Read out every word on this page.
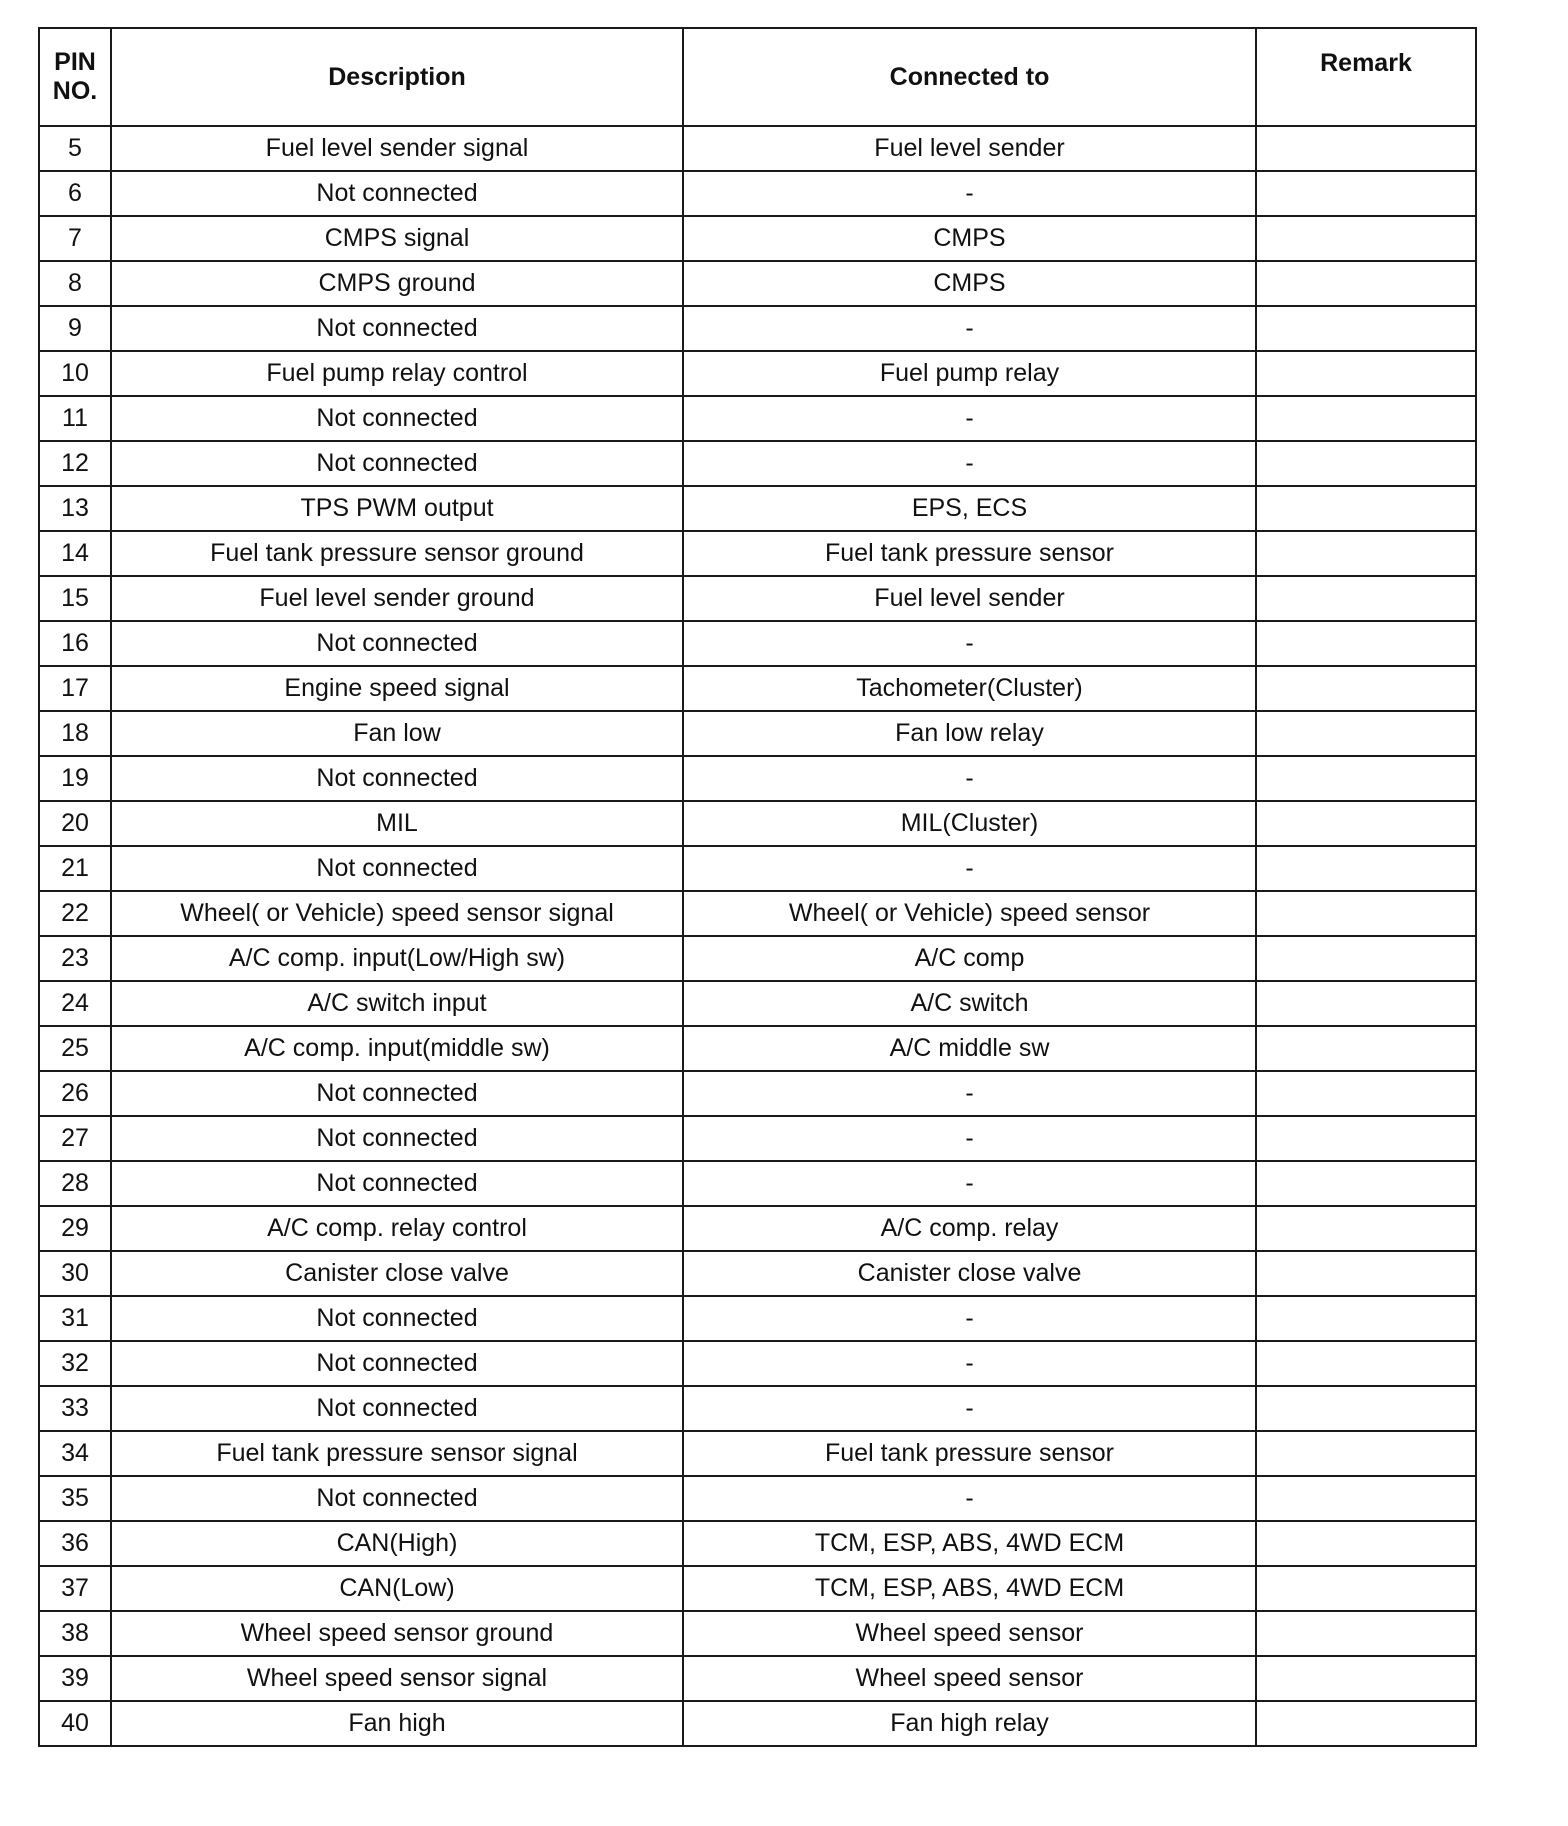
PIN
NO.	Description	Connected to	Remark
5	Fuel level sender signal	Fuel level sender	
6	Not connected	-	
7	CMPS signal	CMPS	
8	CMPS ground	CMPS	
9	Not connected	-	
10	Fuel pump relay control	Fuel pump relay	
11	Not connected	-	
12	Not connected	-	
13	TPS PWM output	EPS, ECS	
14	Fuel tank pressure sensor ground	Fuel tank pressure sensor	
15	Fuel level sender ground	Fuel level sender	
16	Not connected	-	
17	Engine speed signal	Tachometer(Cluster)	
18	Fan low	Fan low relay	
19	Not connected	-	
20	MIL	MIL(Cluster)	
21	Not connected	-	
22	Wheel( or Vehicle) speed sensor signal	Wheel( or Vehicle) speed sensor	
23	A/C comp. input(Low/High sw)	A/C comp	
24	A/C switch input	A/C switch	
25	A/C comp. input(middle sw)	A/C middle sw	
26	Not connected	-	
27	Not connected	-	
28	Not connected	-	
29	A/C comp. relay control	A/C comp. relay	
30	Canister close valve	Canister close valve	
31	Not connected	-	
32	Not connected	-	
33	Not connected	-	
34	Fuel tank pressure sensor signal	Fuel tank pressure sensor	
35	Not connected	-	
36	CAN(High)	TCM, ESP, ABS, 4WD ECM	
37	CAN(Low)	TCM, ESP, ABS, 4WD ECM	
38	Wheel speed sensor ground	Wheel speed sensor	
39	Wheel speed sensor signal	Wheel speed sensor	
40	Fan high	Fan high relay	
